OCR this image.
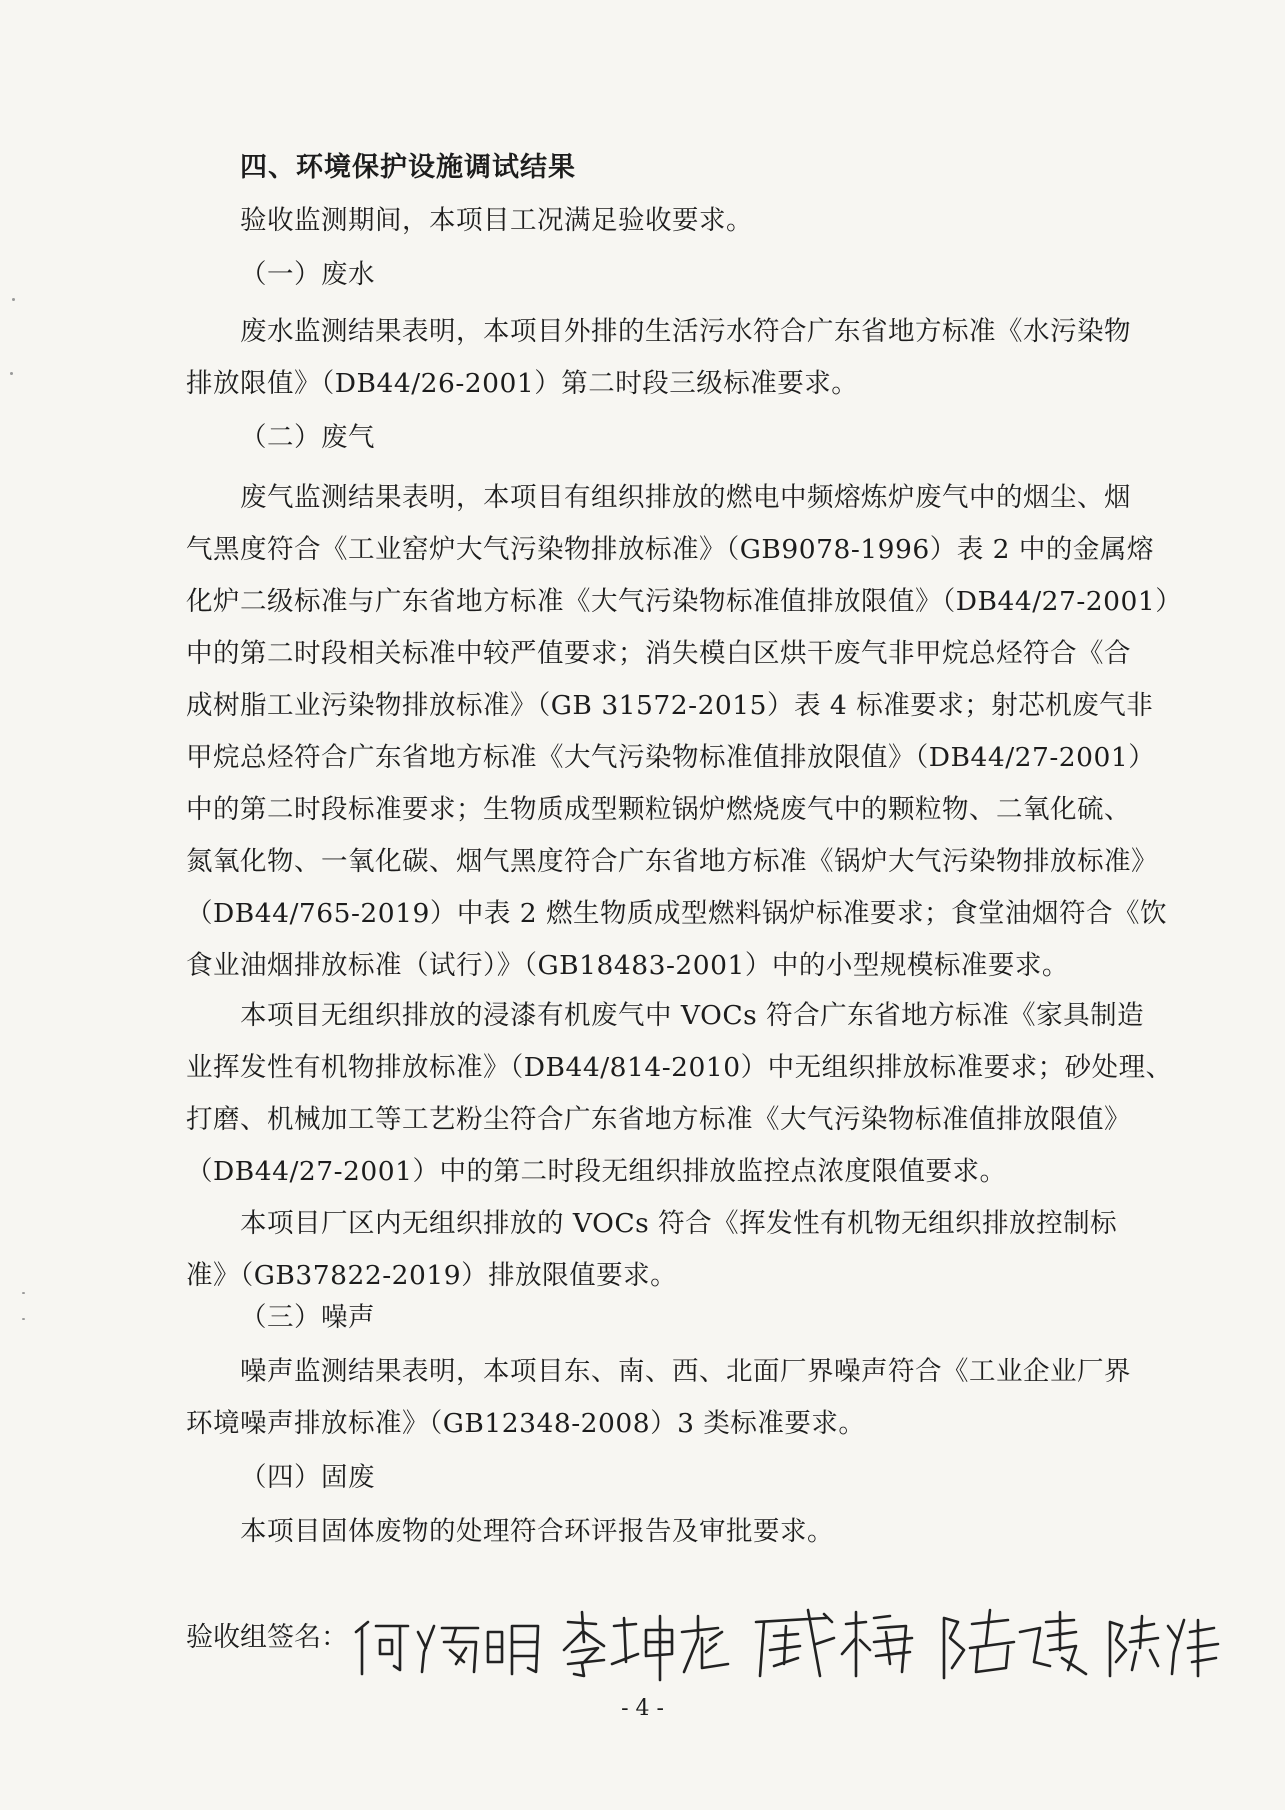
四、环境保护设施调试结果
验收监测期间，本项目工况满足验收要求。
（一）废水
废水监测结果表明，本项目外排的生活污水符合广东省地方标准《水污染物
排放限值》（DB44/26-2001）第二时段三级标准要求。
（二）废气
废气监测结果表明，本项目有组织排放的燃电中频熔炼炉废气中的烟尘、烟
气黑度符合《工业窑炉大气污染物排放标准》（GB9078-1996）表 2 中的金属熔
化炉二级标准与广东省地方标准《大气污染物标准值排放限值》（DB44/27-2001）
中的第二时段相关标准中较严值要求；消失模白区烘干废气非甲烷总烃符合《合
成树脂工业污染物排放标准》（GB 31572-2015）表 4 标准要求；射芯机废气非
甲烷总烃符合广东省地方标准《大气污染物标准值排放限值》（DB44/27-2001）
中的第二时段标准要求；生物质成型颗粒锅炉燃烧废气中的颗粒物、二氧化硫、
氮氧化物、一氧化碳、烟气黑度符合广东省地方标准《锅炉大气污染物排放标准》
（DB44/765-2019）中表 2 燃生物质成型燃料锅炉标准要求；食堂油烟符合《饮
食业油烟排放标准（试行）》（GB18483-2001）中的小型规模标准要求。
本项目无组织排放的浸漆有机废气中 VOCs 符合广东省地方标准《家具制造
业挥发性有机物排放标准》（DB44/814-2010）中无组织排放标准要求；砂处理、
打磨、机械加工等工艺粉尘符合广东省地方标准《大气污染物标准值排放限值》
（DB44/27-2001）中的第二时段无组织排放监控点浓度限值要求。
本项目厂区内无组织排放的 VOCs 符合《挥发性有机物无组织排放控制标
准》（GB37822-2019）排放限值要求。
（三）噪声
噪声监测结果表明，本项目东、南、西、北面厂界噪声符合《工业企业厂界
环境噪声排放标准》（GB12348-2008）3 类标准要求。
（四）固废
本项目固体废物的处理符合环评报告及审批要求。
验收组签名：
- 4 -
